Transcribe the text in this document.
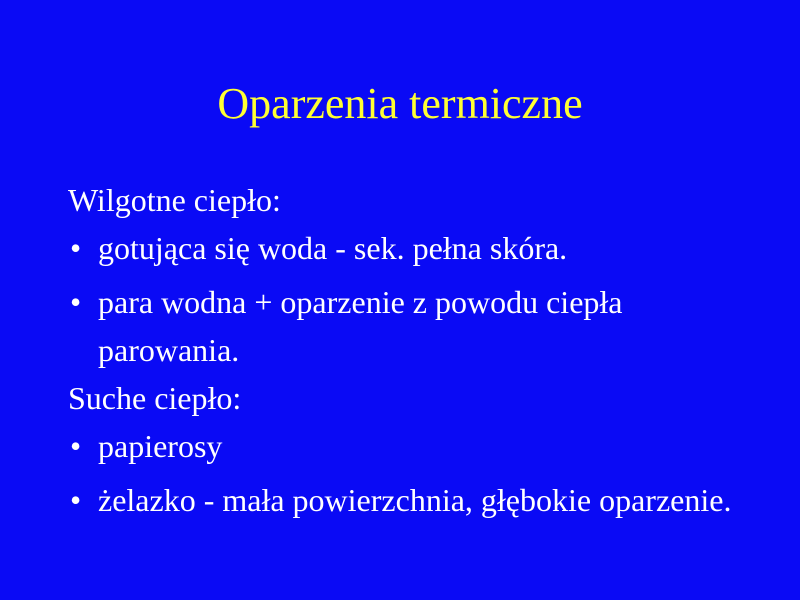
Oparzenia termiczne
Wilgotne ciepło:
• gotująca się woda - sek. pełna skóra.
• para wodna + oparzenie z powodu ciepła parowania.
Suche ciepło:
• papierosy
• żelazko - mała powierzchnia, głębokie oparzenie.
